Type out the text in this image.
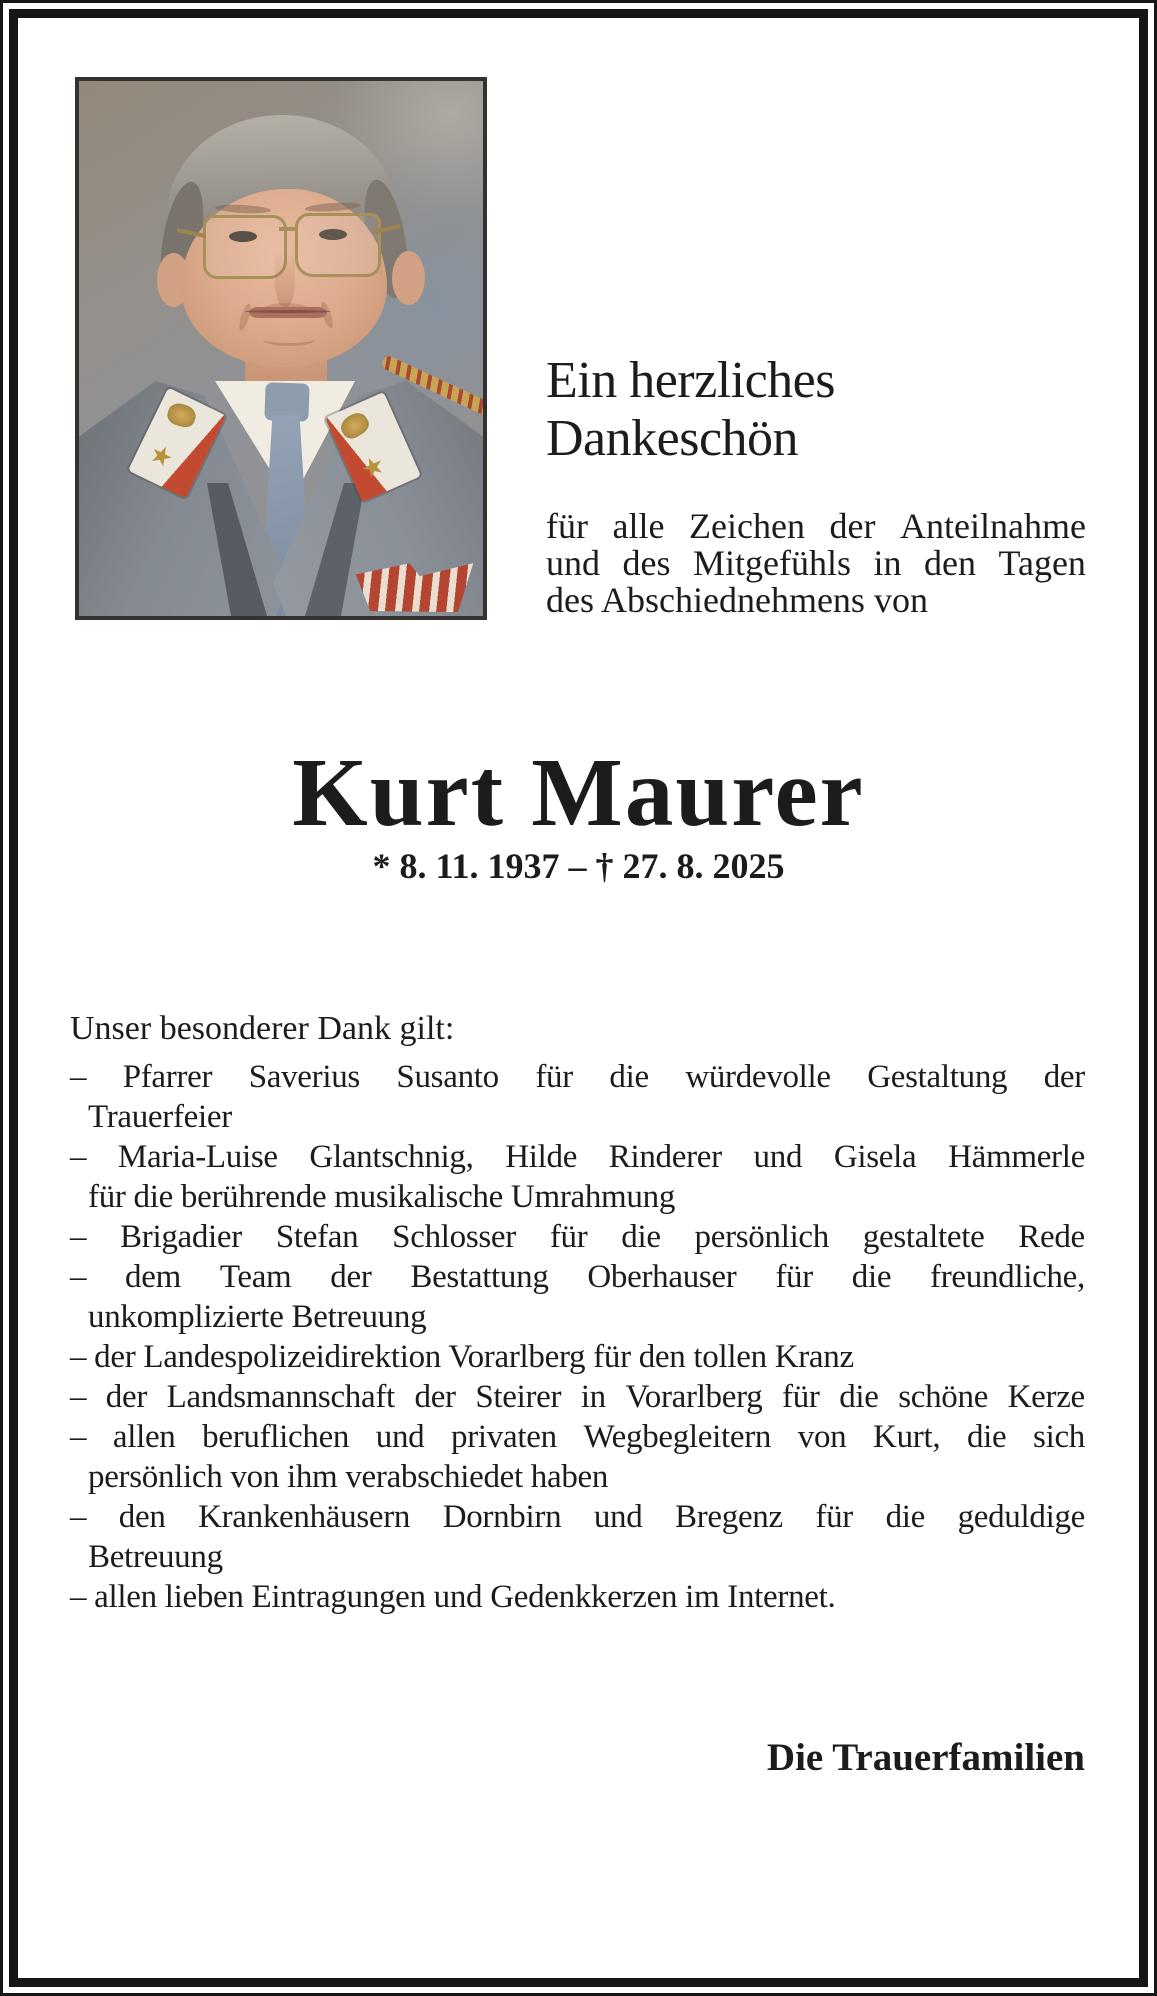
★	★
Ein herzliches
Dankeschön
für alle Zeichen der Anteilnahme
und des Mitgefühls in den Tagen
des Abschiednehmens von
Kurt Maurer
* 8. 11. 1937 – † 27. 8. 2025
Unser besonderer Dank gilt:
– Pfarrer Saverius Susanto für die würdevolle Gestaltung der
Trauerfeier
– Maria-Luise Glantschnig, Hilde Rinderer und Gisela Hämmerle
für die berührende musikalische Umrahmung
– Brigadier Stefan Schlosser für die persönlich gestaltete Rede
– dem Team der Bestattung Oberhauser für die freundliche,
unkomplizierte Betreuung
– der Landespolizeidirektion Vorarlberg für den tollen Kranz
– der Landsmannschaft der Steirer in Vorarlberg für die schöne Kerze
– allen beruflichen und privaten Wegbegleitern von Kurt, die sich
persönlich von ihm verabschiedet haben
– den Krankenhäusern Dornbirn und Bregenz für die geduldige
Betreuung
– allen lieben Eintragungen und Gedenkkerzen im Internet.
Die Trauerfamilien
